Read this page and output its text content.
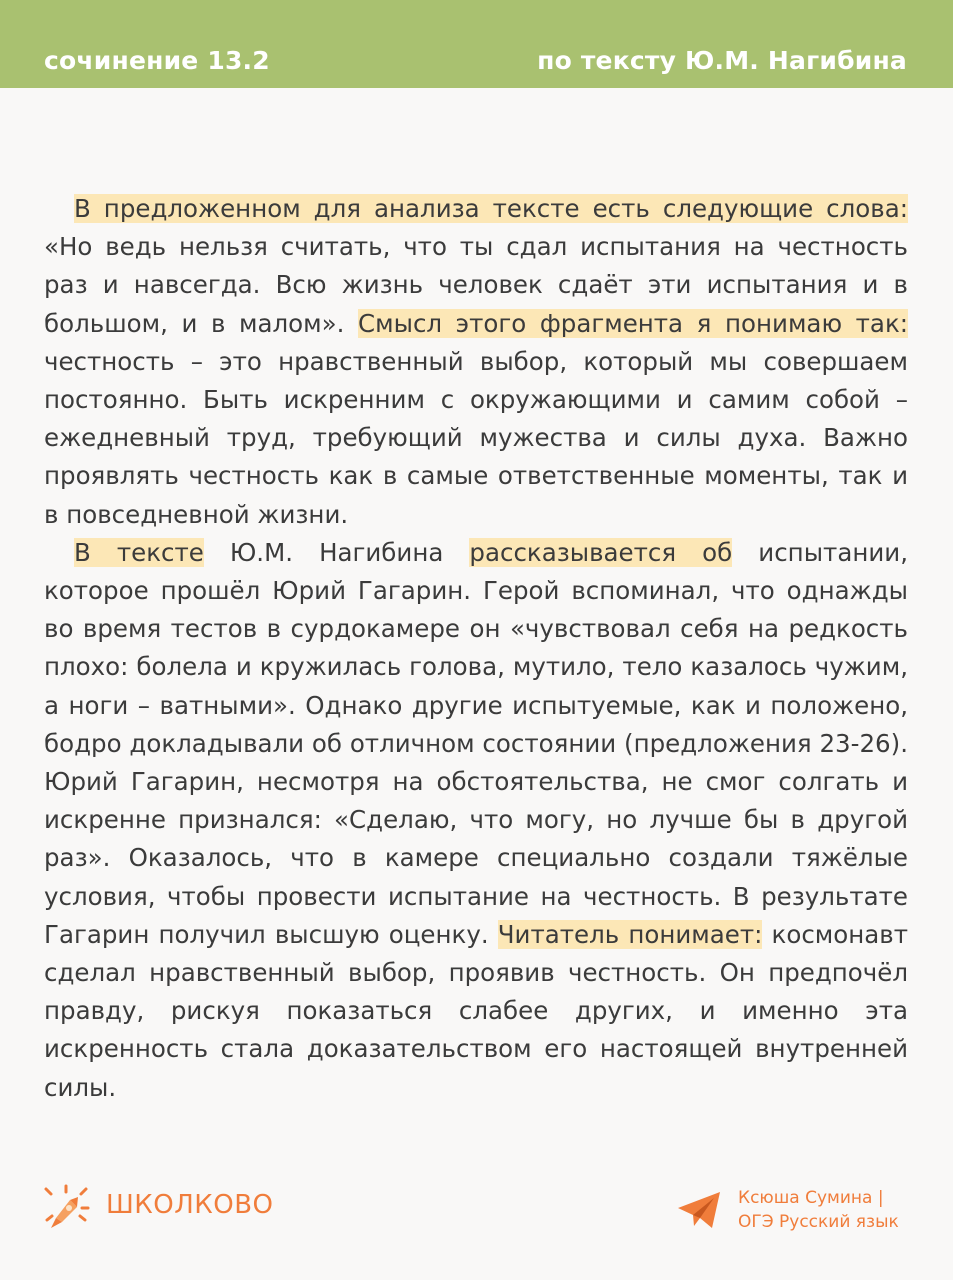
сочинение 13.2	по тексту Ю.М. Нагибина

В предложенном для анализа тексте есть следующие слова: «Но ведь нельзя считать, что ты сдал испытания на честность раз и навсегда. Всю жизнь человек сдаёт эти испытания и в большом, и в малом». Смысл этого фрагмента я понимаю так: честность – это нравственный выбор, который мы совершаем постоянно. Быть искренним с окружающими и самим собой – ежедневный труд, требующий мужества и силы духа. Важно проявлять честность как в самые ответственные моменты, так и в повседневной жизни.

В тексте Ю.М. Нагибина рассказывается об испытании, которое прошёл Юрий Гагарин. Герой вспоминал, что однажды во время тестов в сурдокамере он «чувствовал себя на редкость плохо: болела и кружилась голова, мутило, тело казалось чужим, а ноги – ватными». Однако другие испытуемые, как и положено, бодро докладывали об отличном состоянии (предложения 23-26). Юрий Гагарин, несмотря на обстоятельства, не смог солгать и искренне признался: «Сделаю, что могу, но лучше бы в другой раз». Оказалось, что в камере специально создали тяжёлые условия, чтобы провести испытание на честность. В результате Гагарин получил высшую оценку. Читатель понимает: космонавт сделал нравственный выбор, проявив честность. Он предпочёл правду, рискуя показаться слабее других, и именно эта искренность стала доказательством его настоящей внутренней силы.

ШКОЛКОВО	Ксюша Сумина |
ОГЭ Русский язык
